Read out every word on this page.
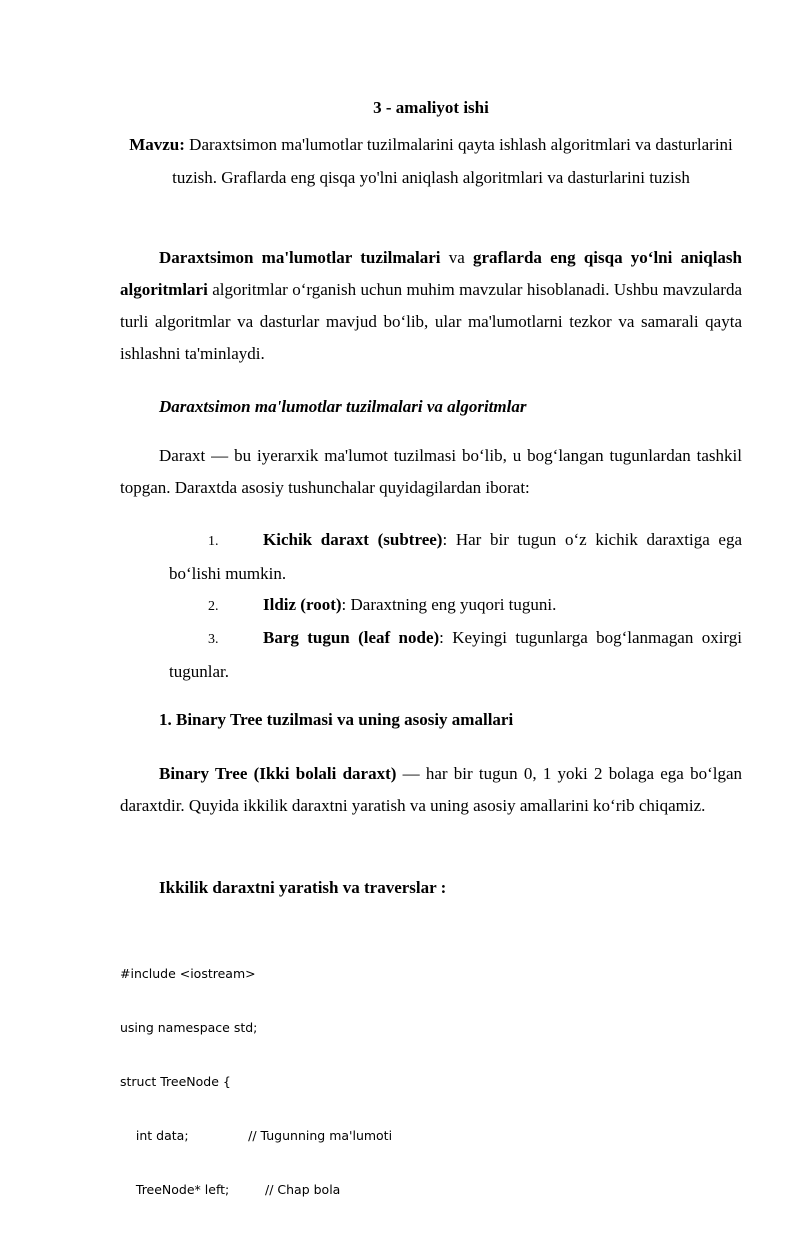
3 - amaliyot ishi

Mavzu: Daraxtsimon ma'lumotlar tuzilmalarini qayta ishlash algoritmlari va dasturlarini tuzish. Graflarda eng qisqa yo'lni aniqlash algoritmlari va dasturlarini tuzish

Daraxtsimon ma'lumotlar tuzilmalari va graflarda eng qisqa yo‘lni aniqlash algoritmlari algoritmlar o‘rganish uchun muhim mavzular hisoblanadi. Ushbu mavzularda turli algoritmlar va dasturlar mavjud bo‘lib, ular ma'lumotlarni tezkor va samarali qayta ishlashni ta'minlaydi.

Daraxtsimon ma'lumotlar tuzilmalari va algoritmlar

Daraxt — bu iyerarxik ma'lumot tuzilmasi bo‘lib, u bog‘langan tugunlardan tashkil topgan. Daraxtda asosiy tushunchalar quyidagilardan iborat:

1.	Kichik daraxt (subtree): Har bir tugun o‘z kichik daraxtiga ega bo‘lishi mumkin.

2.	Ildiz (root): Daraxtning eng yuqori tuguni.

3.	Barg tugun (leaf node): Keyingi tugunlarga bog‘lanmagan oxirgi tugunlar.

1. Binary Tree tuzilmasi va uning asosiy amallari

Binary Tree (Ikki bolali daraxt) — har bir tugun 0, 1 yoki 2 bolaga ega bo‘lgan daraxtdir. Quyida ikkilik daraxtni yaratish va uning asosiy amallarini ko‘rib chiqamiz.

Ikkilik daraxtni yaratish va traverslar :

#include <iostream>

using namespace std;

struct TreeNode {

int data;               // Tugunning ma'lumoti

TreeNode* left;         // Chap bola
